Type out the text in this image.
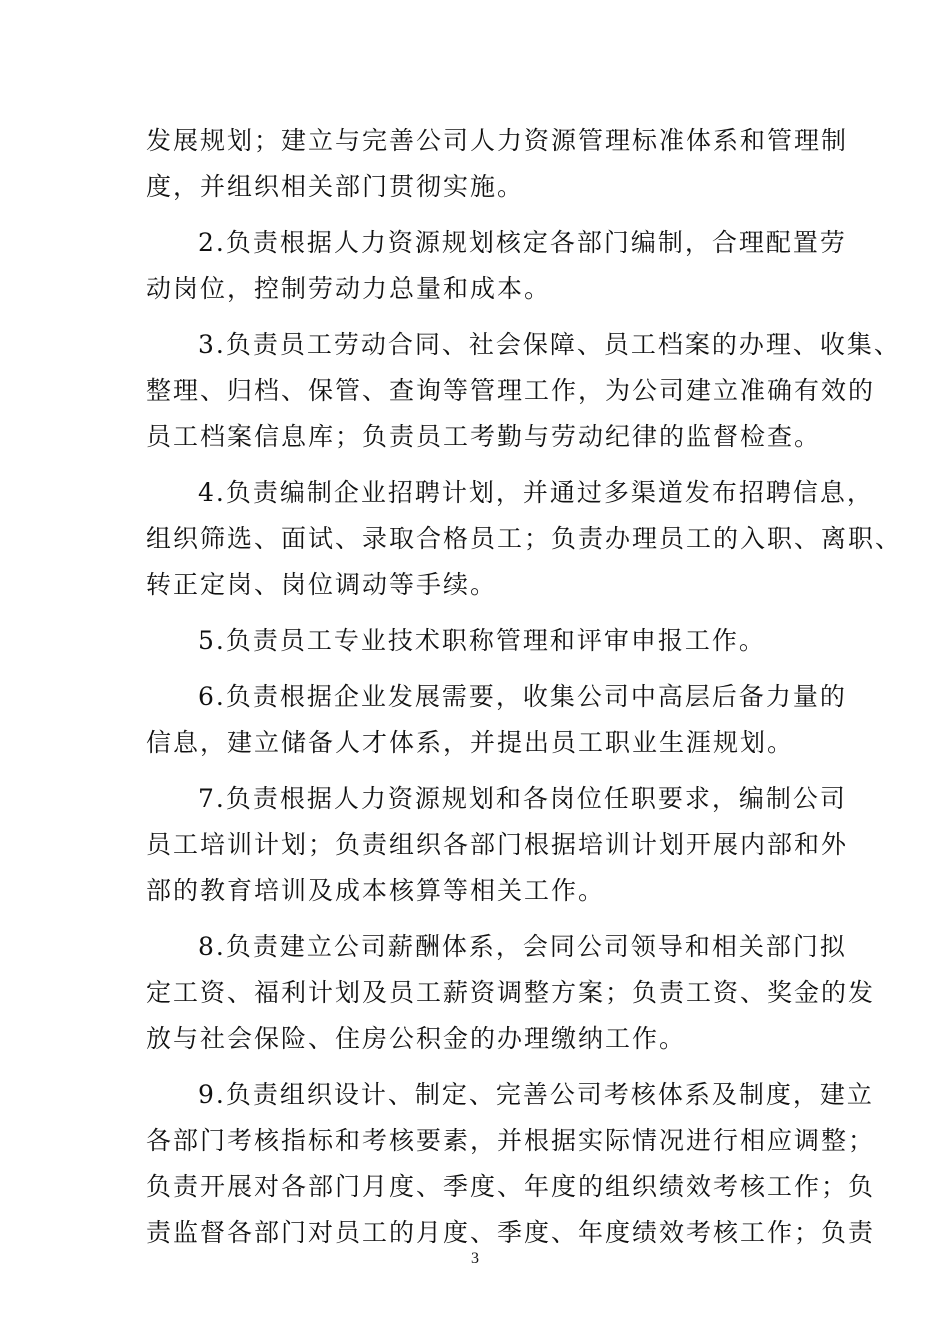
发展规划；建立与完善公司人力资源管理标准体系和管理制
度，并组织相关部门贯彻实施。
2.负责根据人力资源规划核定各部门编制，合理配置劳
动岗位，控制劳动力总量和成本。
3.负责员工劳动合同、社会保障、员工档案的办理、收集、
整理、归档、保管、查询等管理工作，为公司建立准确有效的
员工档案信息库；负责员工考勤与劳动纪律的监督检查。
4.负责编制企业招聘计划，并通过多渠道发布招聘信息，
组织筛选、面试、录取合格员工；负责办理员工的入职、离职、
转正定岗、岗位调动等手续。
5.负责员工专业技术职称管理和评审申报工作。
6.负责根据企业发展需要，收集公司中高层后备力量的
信息，建立储备人才体系，并提出员工职业生涯规划。
7.负责根据人力资源规划和各岗位任职要求，编制公司
员工培训计划；负责组织各部门根据培训计划开展内部和外
部的教育培训及成本核算等相关工作。
8.负责建立公司薪酬体系，会同公司领导和相关部门拟
定工资、福利计划及员工薪资调整方案；负责工资、奖金的发
放与社会保险、住房公积金的办理缴纳工作。
9.负责组织设计、制定、完善公司考核体系及制度，建立
各部门考核指标和考核要素，并根据实际情况进行相应调整；
负责开展对各部门月度、季度、年度的组织绩效考核工作；负
责监督各部门对员工的月度、季度、年度绩效考核工作；负责
3
